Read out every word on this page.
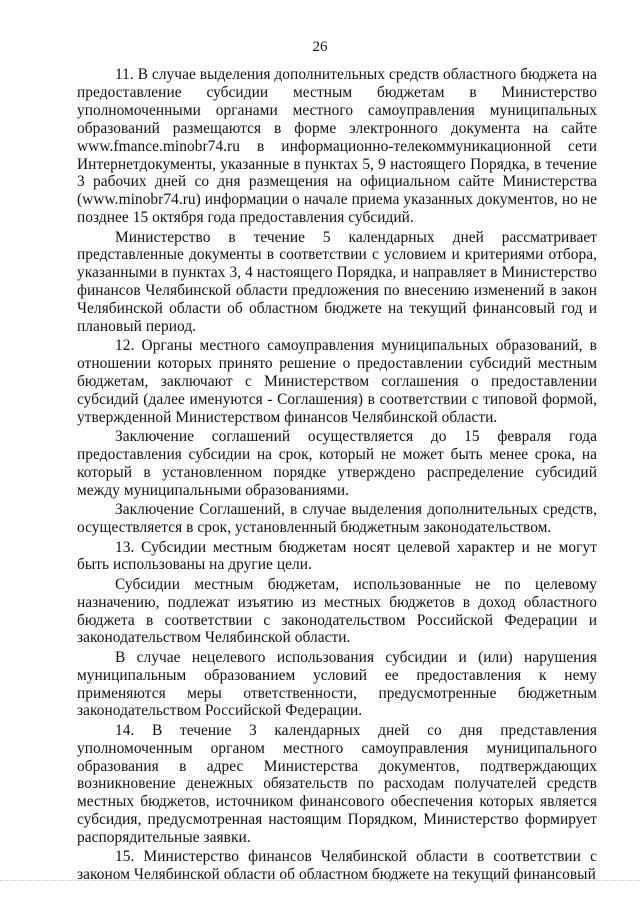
26

11. В случае выделения дополнительных средств областного бюджета на предоставление субсидии местным бюджетам в Министерство уполномоченными органами местного самоуправления муниципальных образований размещаются в форме электронного документа на сайте www.fmance.minobr74.ru в информационно-телекоммуникационной сети Интернетдокументы, указанные в пунктах 5, 9 настоящего Порядка, в течение 3 рабочих дней со дня размещения на официальном сайте Министерства (www.minobr74.ru) информации о начале приема указанных документов, но не позднее 15 октября года предоставления субсидий.

Министерство в течение 5 календарных дней рассматривает представленные документы в соответствии с условием и критериями отбора, указанными в пунктах 3, 4 настоящего Порядка, и направляет в Министерство финансов Челябинской области предложения по внесению изменений в закон Челябинской области об областном бюджете на текущий финансовый год и плановый период.

12. Органы местного самоуправления муниципальных образований, в отношении которых принято решение о предоставлении субсидий местным бюджетам, заключают с Министерством соглашения о предоставлении субсидий (далее именуются - Соглашения) в соответствии с типовой формой, утвержденной Министерством финансов Челябинской области.

Заключение соглашений осуществляется до 15 февраля года предоставления субсидии на срок, который не может быть менее срока, на который в установленном порядке утверждено распределение субсидий между муниципальными образованиями.

Заключение Соглашений, в случае выделения дополнительных средств, осуществляется в срок, установленный бюджетным законодательством.

13. Субсидии местным бюджетам носят целевой характер и не могут быть использованы на другие цели.

Субсидии местным бюджетам, использованные не по целевому назначению, подлежат изъятию из местных бюджетов в доход областного бюджета в соответствии с законодательством Российской Федерации и законодательством Челябинской области.

В случае нецелевого использования субсидии и (или) нарушения муниципальным образованием условий ее предоставления к нему применяются меры ответственности, предусмотренные бюджетным законодательством Российской Федерации.

14. В течение 3 календарных дней со дня представления уполномоченным органом местного самоуправления муниципального образования в адрес Министерства документов, подтверждающих возникновение денежных обязательств по расходам получателей средств местных бюджетов, источником финансового обеспечения которых является субсидия, предусмотренная настоящим Порядком, Министерство формирует распорядительные заявки.

15. Министерство финансов Челябинской области в соответствии с законом Челябинской области об областном бюджете на текущий финансовый
